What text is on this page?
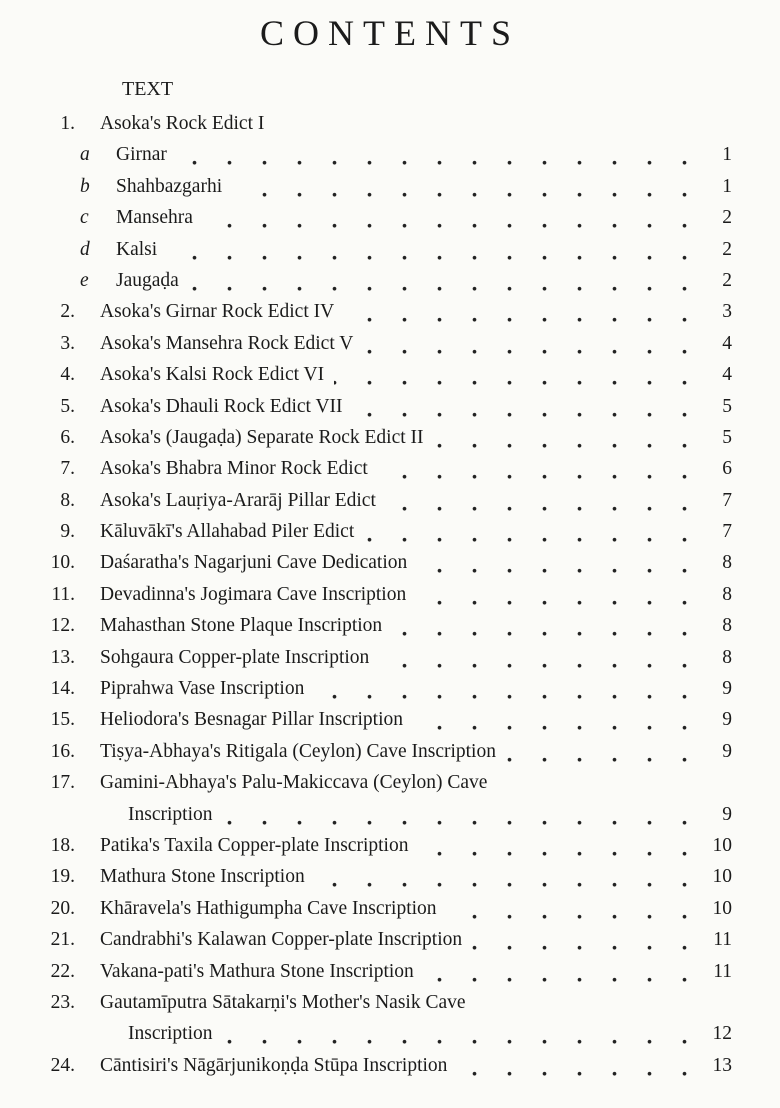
CONTENTS
TEXT
1. Asoka's Rock Edict I
a Girnar	1
b Shahbazgarhi	1
c Mansehra	2
d Kalsi	2
e Jaugaḍa	2
2. Asoka's Girnar Rock Edict IV	3
3. Asoka's Mansehra Rock Edict V	4
4. Asoka's Kalsi Rock Edict VI	4
5. Asoka's Dhauli Rock Edict VII	5
6. Asoka's (Jaugaḍa) Separate Rock Edict II	5
7. Asoka's Bhabra Minor Rock Edict	6
8. Asoka's Lauṛiya-Ararāj Pillar Edict	7
9. Kāluvākī's Allahabad Piler Edict	7
10. Daśaratha's Nagarjuni Cave Dedication	8
11. Devadinna's Jogimara Cave Inscription	8
12. Mahasthan Stone Plaque Inscription	8
13. Sohgaura Copper-plate Inscription	8
14. Piprahwa Vase Inscription	9
15. Heliodora's Besnagar Pillar Inscription	9
16. Tiṣya-Abhaya's Ritigala (Ceylon) Cave Inscription	9
17. Gamini-Abhaya's Palu-Makiccava (Ceylon) Cave
Inscription	9
18. Patika's Taxila Copper-plate Inscription	10
19. Mathura Stone Inscription	10
20. Khāravela's Hathigumpha Cave Inscription	10
21. Candrabhi's Kalawan Copper-plate Inscription	11
22. Vakana-pati's Mathura Stone Inscription	11
23. Gautamīputra Sātakarṇi's Mother's Nasik Cave
Inscription	12
24. Cāntisiri's Nāgārjunikoṇḍa Stūpa Inscription	13
